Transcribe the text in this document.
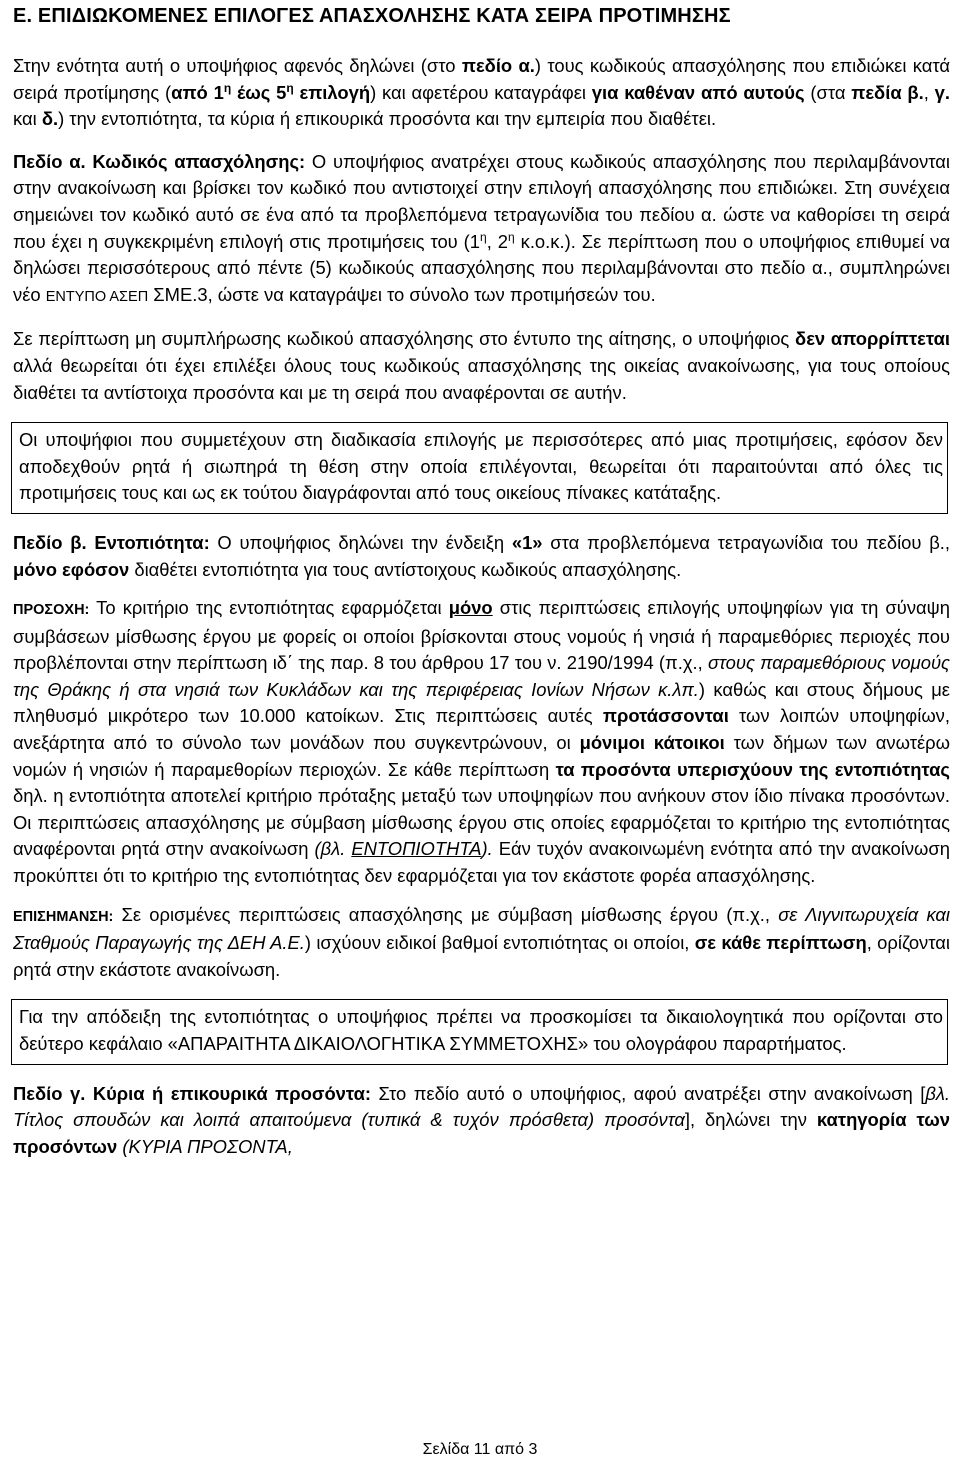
Ε. ΕΠΙΔΙΩΚΟΜΕΝΕΣ ΕΠΙΛΟΓΕΣ ΑΠΑΣΧΟΛΗΣΗΣ ΚΑΤΑ ΣΕΙΡΑ ΠΡΟΤΙΜΗΣΗΣ

Στην ενότητα αυτή ο υποψήφιος αφενός δηλώνει (στο πεδίο α.) τους κωδικούς απασχόλησης που επιδιώκει κατά σειρά προτίμησης (από $1^\eta$ έως $5^\eta$ επιλογή) και αφετέρου καταγράφει για καθέναν από αυτούς (στα πεδία β., γ. και δ.) την εντοπιότητα, τα κύρια ή επικουρικά προσόντα και την εμπειρία που διαθέτει.

Πεδίο α. Κωδικός απασχόλησης: Ο υποψήφιος ανατρέχει στους κωδικούς απασχόλησης που περιλαμβάνονται στην ανακοίνωση και βρίσκει τον κωδικό που αντιστοιχεί στην επιλογή απασχόλησης που επιδιώκει. Στη συνέχεια σημειώνει τον κωδικό αυτό σε ένα από τα προβλεπόμενα τετραγωνίδια του πεδίου α. ώστε να καθορίσει τη σειρά που έχει η συγκεκριμένη επιλογή στις προτιμήσεις του ($1^\eta$, $2^\eta$ κ.ο.κ.). Σε περίπτωση που ο υποψήφιος επιθυμεί να δηλώσει περισσότερους από πέντε (5) κωδικούς απασχόλησης που περιλαμβάνονται στο πεδίο α., συμπληρώνει νέο ΕΝΤΥΠΟ ΑΣΕΠ ΣΜΕ.3, ώστε να καταγράψει το σύνολο των προτιμήσεών του.

Σε περίπτωση μη συμπλήρωσης κωδικού απασχόλησης στο έντυπο της αίτησης, ο υποψήφιος δεν απορρίπτεται αλλά θεωρείται ότι έχει επιλέξει όλους τους κωδικούς απασχόλησης της οικείας ανακοίνωσης, για τους οποίους διαθέτει τα αντίστοιχα προσόντα και με τη σειρά που αναφέρονται σε αυτήν.

Οι υποψήφιοι που συμμετέχουν στη διαδικασία επιλογής με περισσότερες από μιας προτιμήσεις, εφόσον δεν αποδεχθούν ρητά ή σιωπηρά τη θέση στην οποία επιλέγονται, θεωρείται ότι παραιτούνται από όλες τις προτιμήσεις τους και ως εκ τούτου διαγράφονται από τους οικείους πίνακες κατάταξης.

Πεδίο β. Εντοπιότητα: Ο υποψήφιος δηλώνει την ένδειξη «1» στα προβλεπόμενα τετραγωνίδια του πεδίου β., μόνο εφόσον διαθέτει εντοπιότητα για τους αντίστοιχους κωδικούς απασχόλησης.

ΠΡΟΣΟΧΗ: Το κριτήριο της εντοπιότητας εφαρμόζεται μόνο στις περιπτώσεις επιλογής υποψηφίων για τη σύναψη συμβάσεων μίσθωσης έργου με φορείς οι οποίοι βρίσκονται στους νομούς ή νησιά ή παραμεθόριες περιοχές που προβλέπονται στην περίπτωση ιδ΄ της παρ. 8 του άρθρου 17 του ν. 2190/1994 (π.χ., στους παραμεθόριους νομούς της Θράκης ή στα νησιά των Κυκλάδων και της περιφέρειας Ιονίων Νήσων κ.λπ.) καθώς και στους δήμους με πληθυσμό μικρότερο των 10.000 κατοίκων. Στις περιπτώσεις αυτές προτάσσονται των λοιπών υποψηφίων, ανεξάρτητα από το σύνολο των μονάδων που συγκεντρώνουν, οι μόνιμοι κάτοικοι των δήμων των ανωτέρω νομών ή νησιών ή παραμεθορίων περιοχών. Σε κάθε περίπτωση τα προσόντα υπερισχύουν της εντοπιότητας δηλ. η εντοπιότητα αποτελεί κριτήριο πρόταξης μεταξύ των υποψηφίων που ανήκουν στον ίδιο πίνακα προσόντων. Οι περιπτώσεις απασχόλησης με σύμβαση μίσθωσης έργου στις οποίες εφαρμόζεται το κριτήριο της εντοπιότητας αναφέρονται ρητά στην ανακοίνωση (βλ. ΕΝΤΟΠΙΟΤΗΤΑ). Εάν τυχόν ανακοινωμένη ενότητα από την ανακοίνωση προκύπτει ότι το κριτήριο της εντοπιότητας δεν εφαρμόζεται για τον εκάστοτε φορέα απασχόλησης.

ΕΠΙΣΗΜΑΝΣΗ: Σε ορισμένες περιπτώσεις απασχόλησης με σύμβαση μίσθωσης έργου (π.χ., σε Λιγνιτωρυχεία και Σταθμούς Παραγωγής της ΔΕΗ Α.Ε.) ισχύουν ειδικοί βαθμοί εντοπιότητας οι οποίοι, σε κάθε περίπτωση, ορίζονται ρητά στην εκάστοτε ανακοίνωση.

Για την απόδειξη της εντοπιότητας ο υποψήφιος πρέπει να προσκομίσει τα δικαιολογητικά που ορίζονται στο δεύτερο κεφάλαιο «ΑΠΑΡΑΙΤΗΤΑ ΔΙΚΑΙΟΛΟΓΗΤΙΚΑ ΣΥΜΜΕΤΟΧΗΣ» του ολογράφου παραρτήματος.

Πεδίο γ. Κύρια ή επικουρικά προσόντα: Στο πεδίο αυτό ο υποψήφιος, αφού ανατρέξει στην ανακοίνωση [βλ. Τίτλος σπουδών και λοιπά απαιτούμενα (τυπικά & τυχόν πρόσθετα) προσόντα], δηλώνει την κατηγορία των προσόντων (ΚΥΡΙΑ ΠΡΟΣΟΝΤΑ,

Σελίδα 11 από 3
